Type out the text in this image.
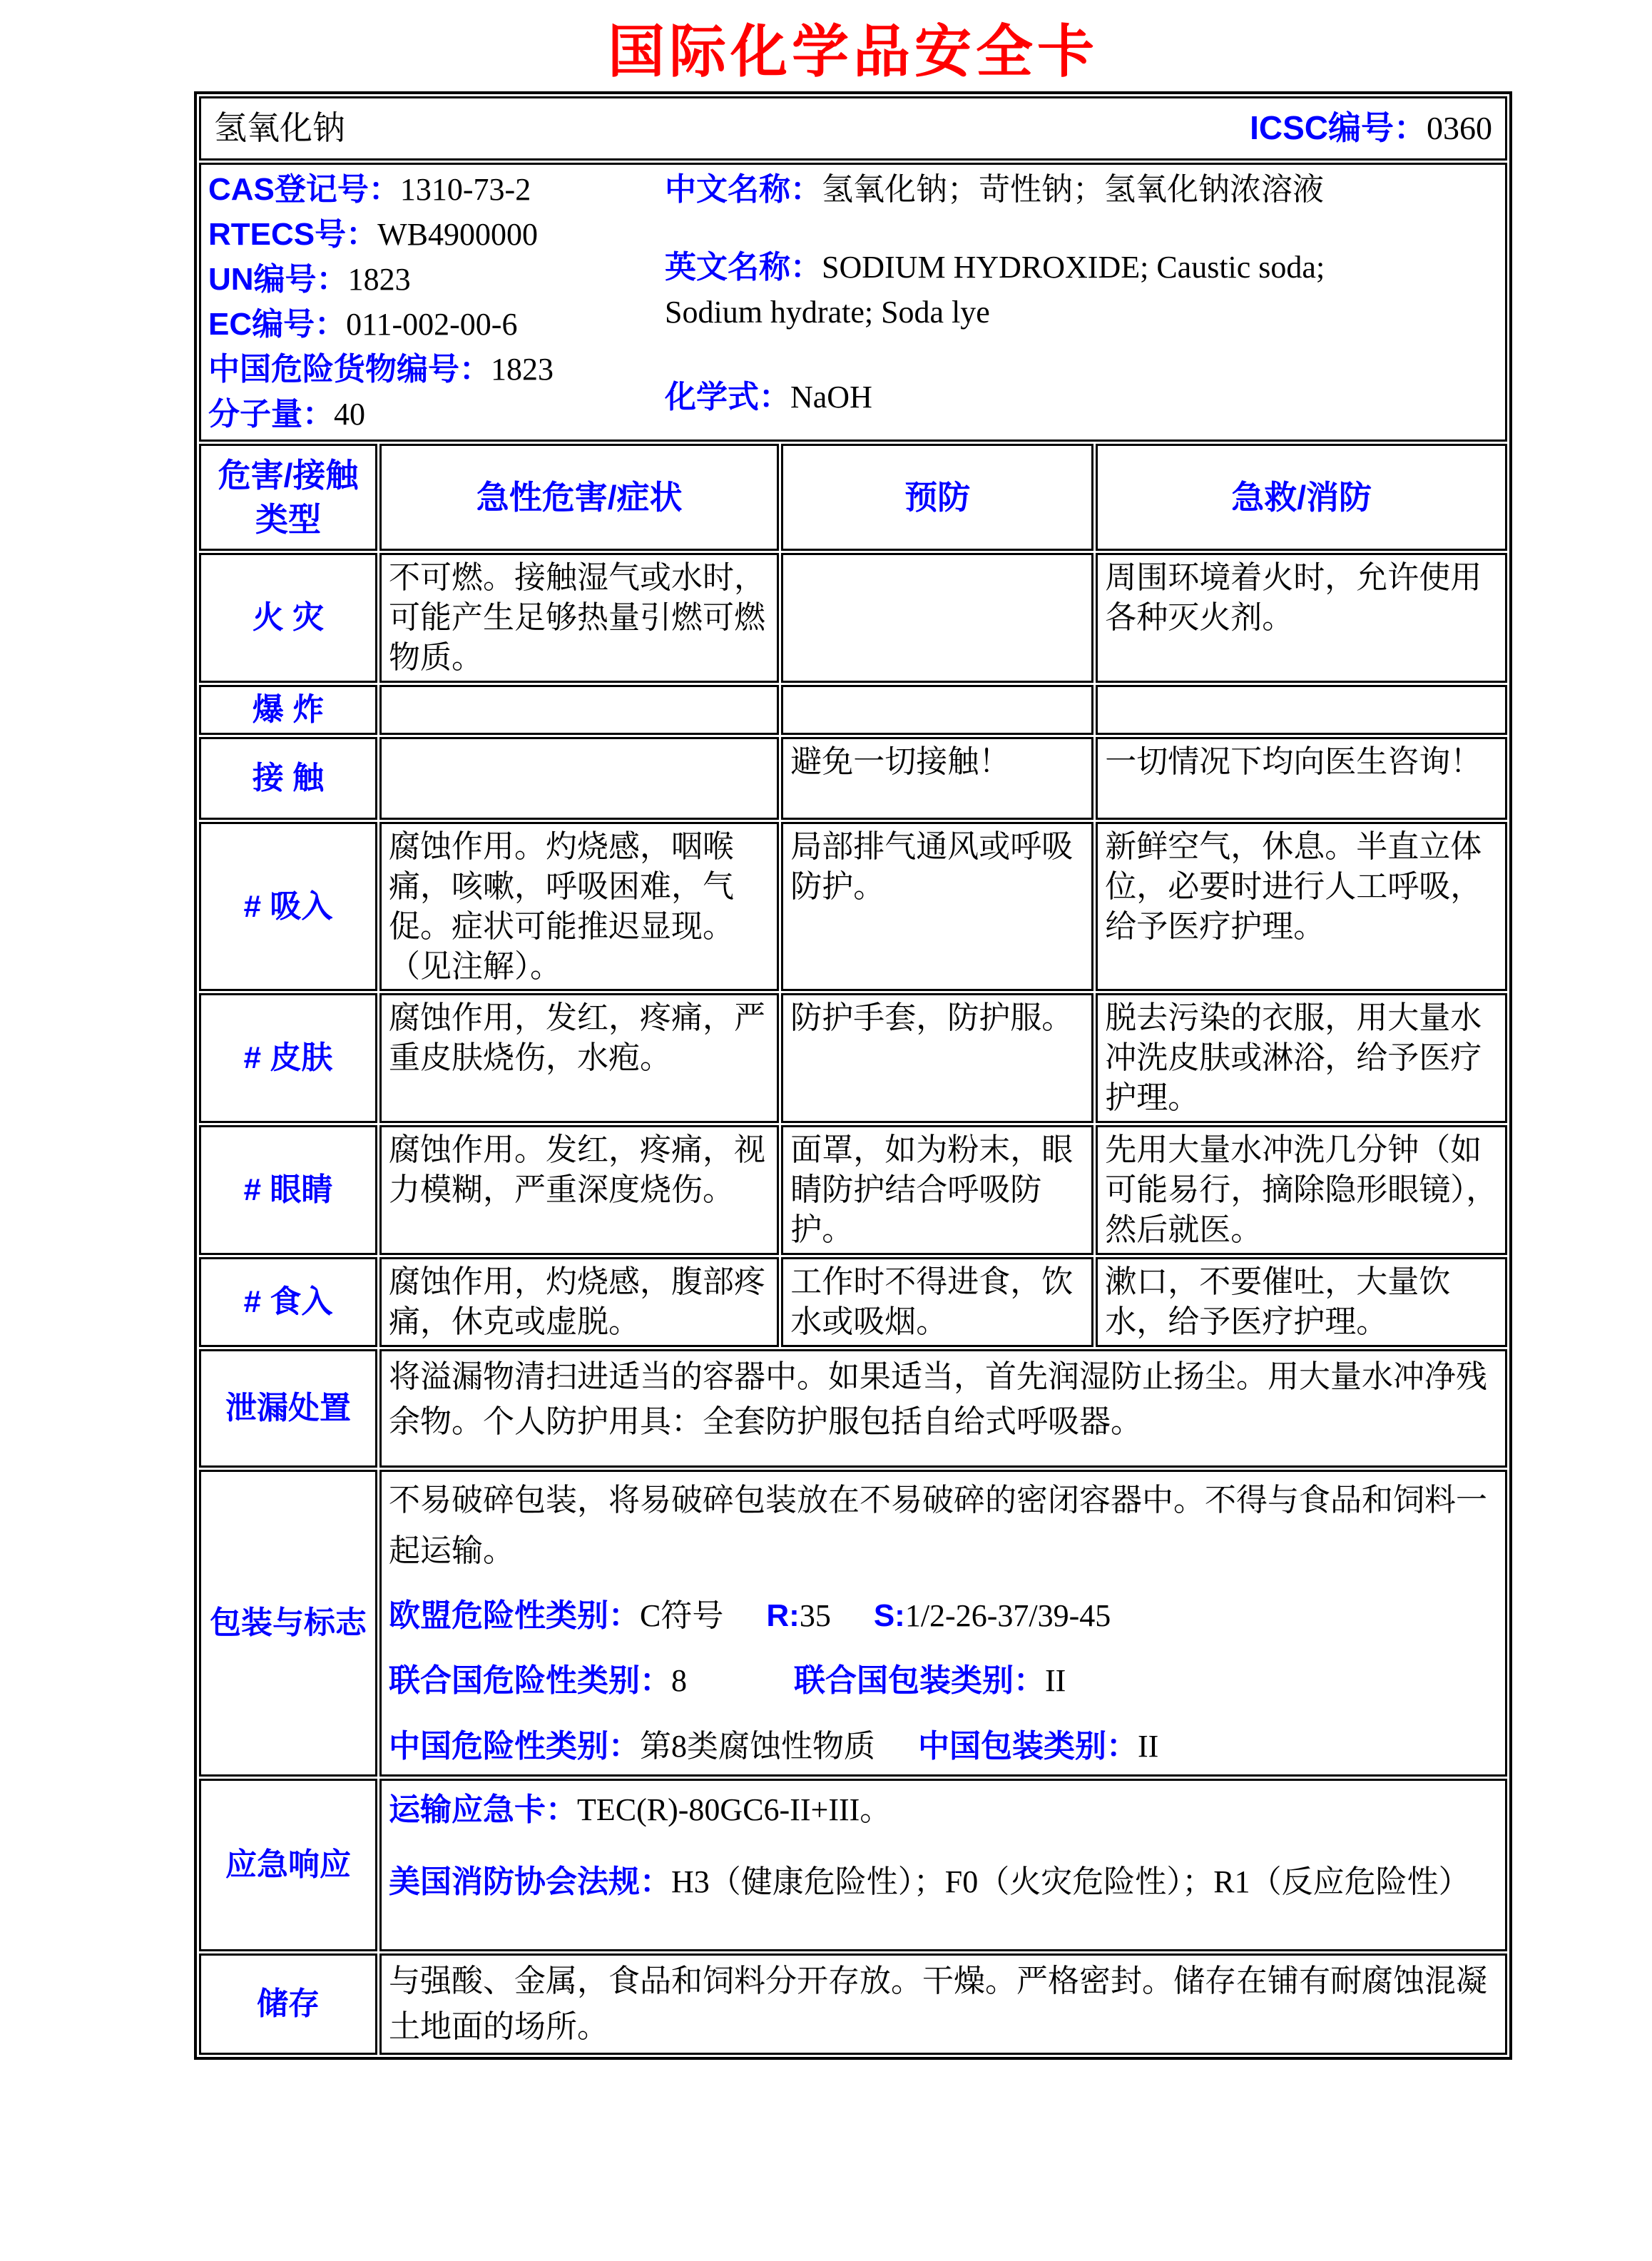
国际化学品安全卡
氢氧化钠 ICSC编号：0360			

CAS登记号：1310-73-2
RTECS号：WB4900000
UN编号：1823
EC编号：011-002-00-6
中国危险货物编号：1823
分子量：40
中文名称：氢氧化钠；苛性钠；氢氧化钠浓溶液
英文名称：SODIUM HYDROXIDE; Caustic soda; Sodium hydrate; Soda lye
化学式：NaOH

危害/接触类型	急性危害/症状	预防	急救/消防
火 灾	不可燃。接触湿气或水时，可能产生足够热量引燃可燃物质。		周围环境着火时，允许使用各种灭火剂。
爆 炸			
接 触		避免一切接触！	一切情况下均向医生咨询！
# 吸入	腐蚀作用。灼烧感，咽喉痛，咳嗽，呼吸困难，气促。症状可能推迟显现。（见注解）。	局部排气通风或呼吸防护。	新鲜空气，休息。半直立体位，必要时进行人工呼吸，给予医疗护理。
# 皮肤	腐蚀作用，发红，疼痛，严重皮肤烧伤，水疱。	防护手套，防护服。	脱去污染的衣服，用大量水冲洗皮肤或淋浴，给予医疗护理。
# 眼睛	腐蚀作用。发红，疼痛，视力模糊，严重深度烧伤。	面罩，如为粉末，眼睛防护结合呼吸防护。	先用大量水冲洗几分钟（如可能易行，摘除隐形眼镜），然后就医。
# 食入	腐蚀作用，灼烧感，腹部疼痛，休克或虚脱。	工作时不得进食，饮水或吸烟。	漱口，不要催吐，大量饮水，给予医疗护理。
泄漏处置	将溢漏物清扫进适当的容器中。如果适当，首先润湿防止扬尘。用大量水冲净残余物。个人防护用具：全套防护服包括自给式呼吸器。		
包装与标志	不易破碎包装，将易破碎包装放在不易破碎的密闭容器中。不得与食品和饲料一起运输。

欧盟危险性类别：C符号 R:35 S:1/2-26-37/39-45

联合国危险性类别：8 联合国包装类别：II

中国危险性类别：第8类腐蚀性物质 中国包装类别：II		

应急响应	运输应急卡：TEC(R)-80GC6-II+III。

美国消防协会法规：H3（健康危险性）；F0（火灾危险性）；R1（反应危险性）		

储存	与强酸、金属，食品和饲料分开存放。干燥。严格密封。储存在铺有耐腐蚀混凝土地面的场所。		
